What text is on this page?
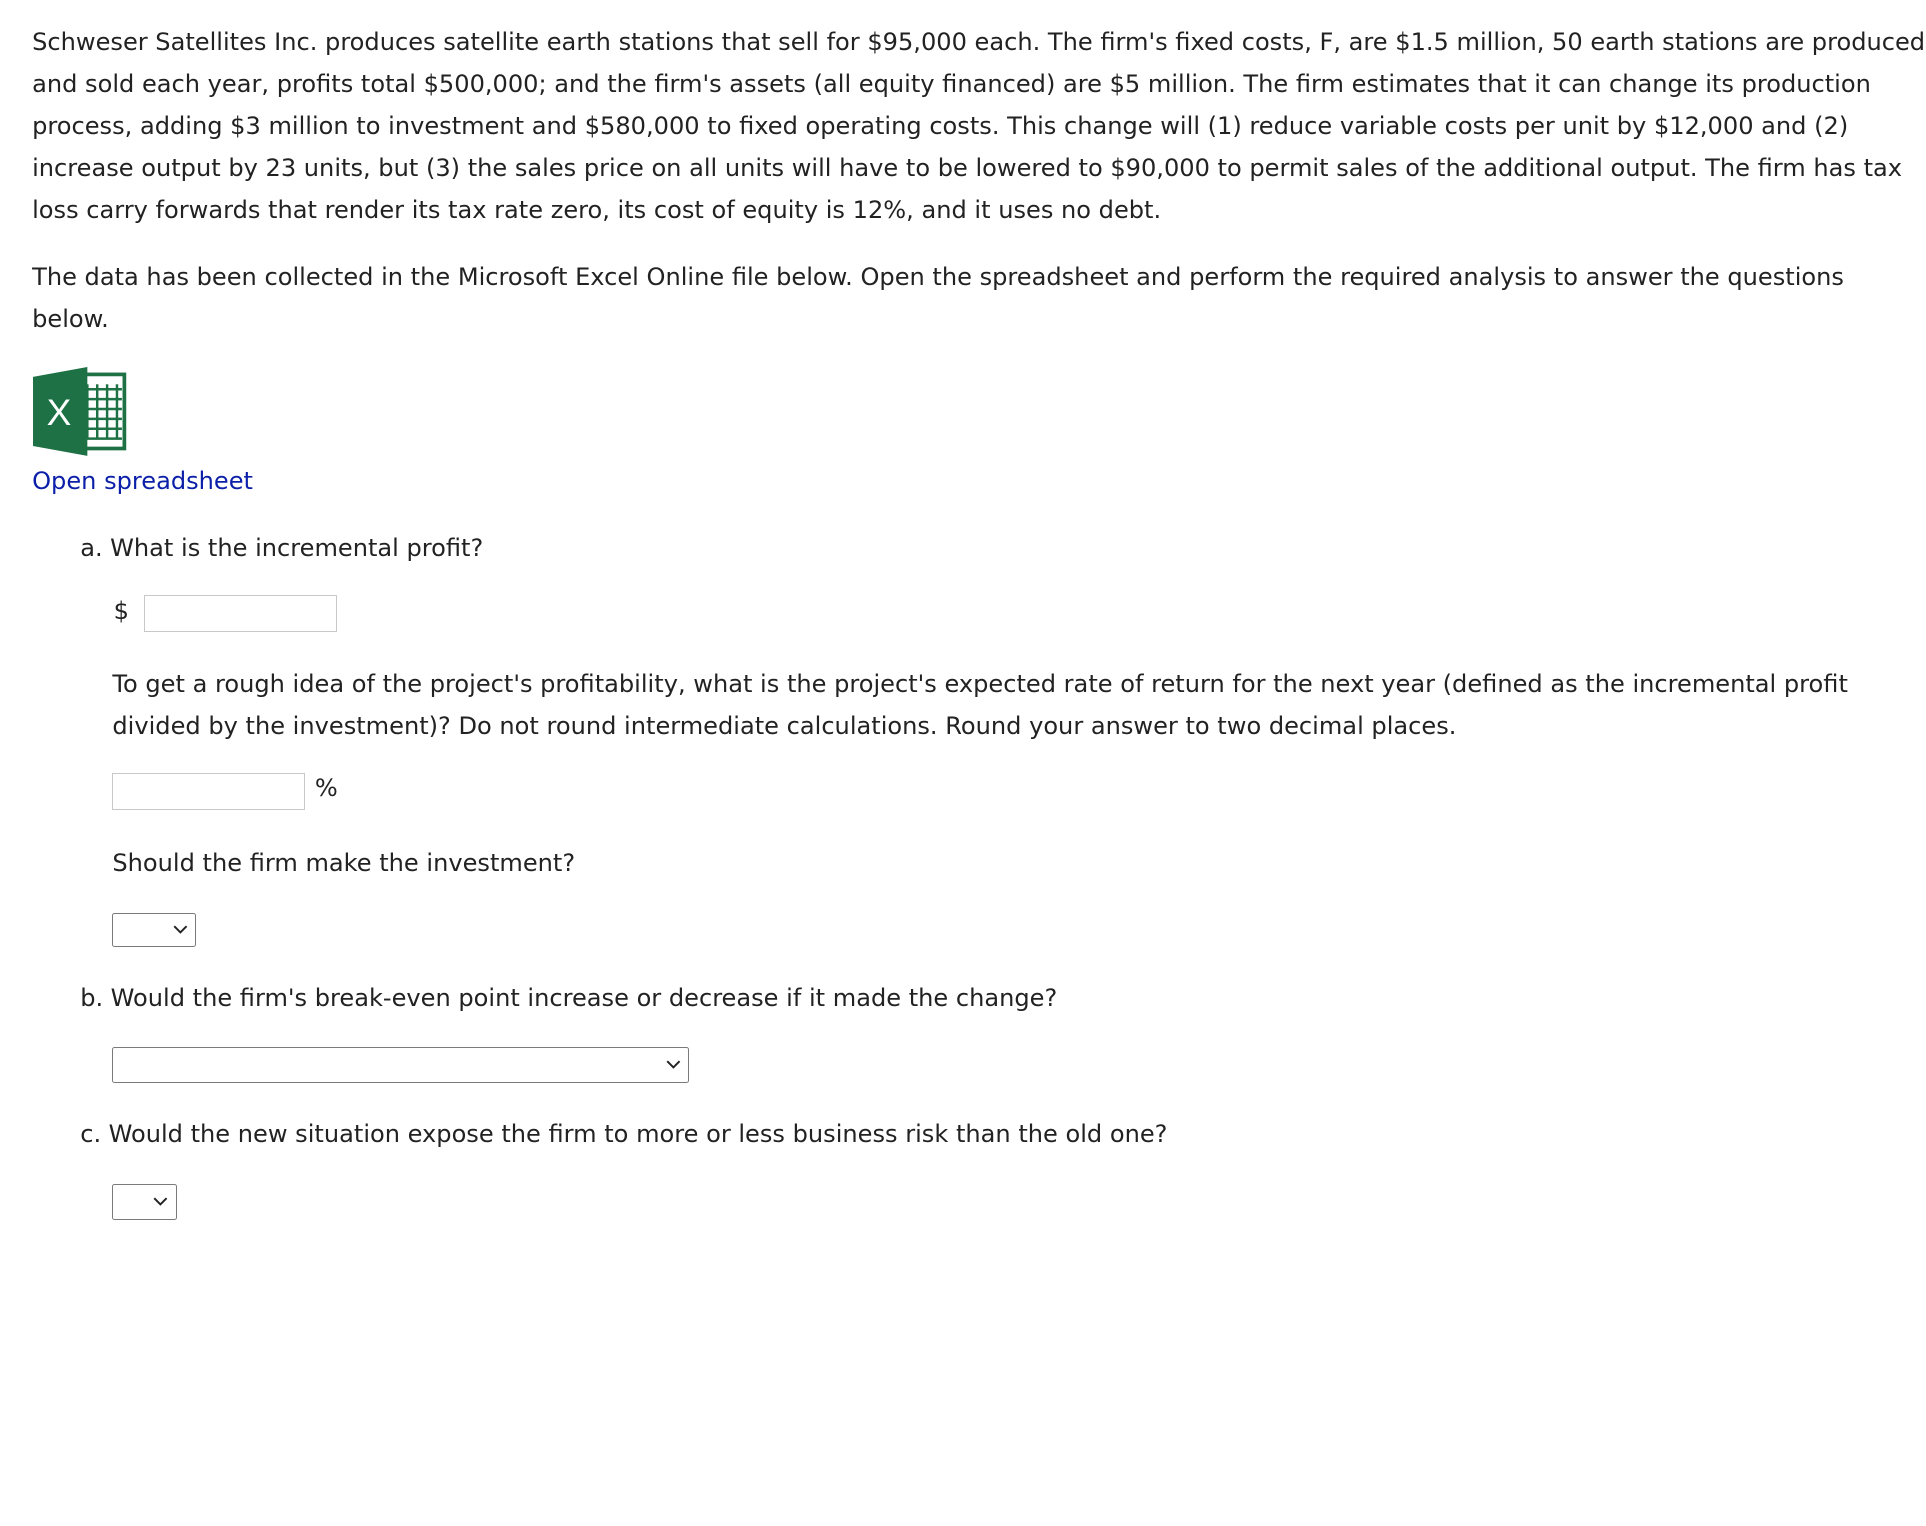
Schweser Satellites Inc. produces satellite earth stations that sell for $95,000 each. The firm's fixed costs, F, are $1.5 million, 50 earth stations are produced and sold each year, profits total $500,000; and the firm's assets (all equity financed) are $5 million. The firm estimates that it can change its production process, adding $3 million to investment and $580,000 to fixed operating costs. This change will (1) reduce variable costs per unit by $12,000 and (2) increase output by 23 units, but (3) the sales price on all units will have to be lowered to $90,000 to permit sales of the additional output. The firm has tax loss carry forwards that render its tax rate zero, its cost of equity is 12%, and it uses no debt.

The data has been collected in the Microsoft Excel Online file below. Open the spreadsheet and perform the required analysis to answer the questions below.

X
Open spreadsheet
a. What is the incremental profit?
$

To get a rough idea of the project's profitability, what is the project's expected rate of return for the next year (defined as the incremental profit divided by the investment)? Do not round intermediate calculations. Round your answer to two decimal places.

%
Should the firm make the investment?
b. Would the firm's break-even point increase or decrease if it made the change?
c. Would the new situation expose the firm to more or less business risk than the old one?
